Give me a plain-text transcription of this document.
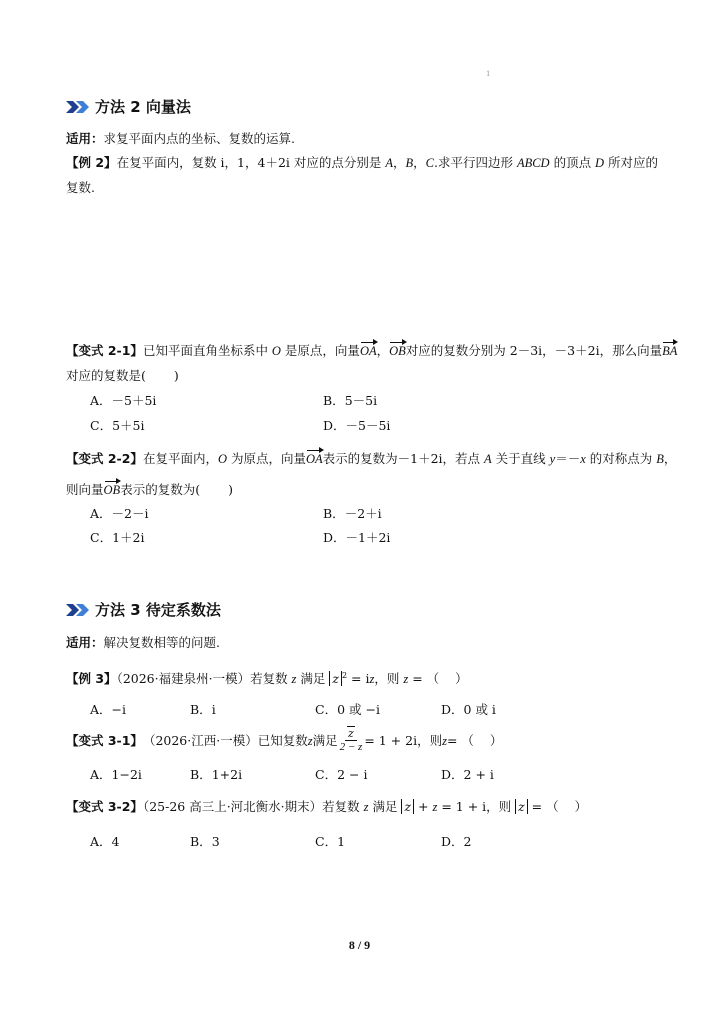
1
方法 2 向量法
适用：求复平面内点的坐标、复数的运算.
【例 2】在复平面内，复数 i，1，4＋2i 对应的点分别是 A，B，C.求平行四边形 ABCD 的顶点 D 所对应的
复数.
【变式 2-1】已知平面直角坐标系中 O 是原点，向量OA，OB对应的复数分别为 2－3i，－3＋2i，那么向量BA
对应的复数是( )
A．－5＋5i	B．5－5i
C．5＋5i	D．－5－5i
【变式 2-2】在复平面内，O 为原点，向量OA表示的复数为－1＋2i，若点 A 关于直线 y＝－x 的对称点为 B，
则向量OB表示的复数为( )
A．－2－i	B．－2＋i
C．1＋2i	D．－1＋2i
方法 3 待定系数法
适用：解决复数相等的问题.
【例 3】（2026·福建泉州·一模）若复数 z 满足 z $^2$ = iz，则 z = （ ）
A．−i	B．i	C．0 或 −i	D．0 或 i
【变式 3-1】 （2026·江西·一模）已知复数 z 满足 $\frac{z}{2 - z} = 1 + 2i$，则 z = （ ）
A．1−2i	B．1+2i	C．2 − i	D．2 + i
【变式 3-2】（25-26 高三上·河北衡水·期末）若复数 z 满足 z + z = 1 + i，则 z = （ ）
A．4	B．3	C．1	D．2
8 / 9
